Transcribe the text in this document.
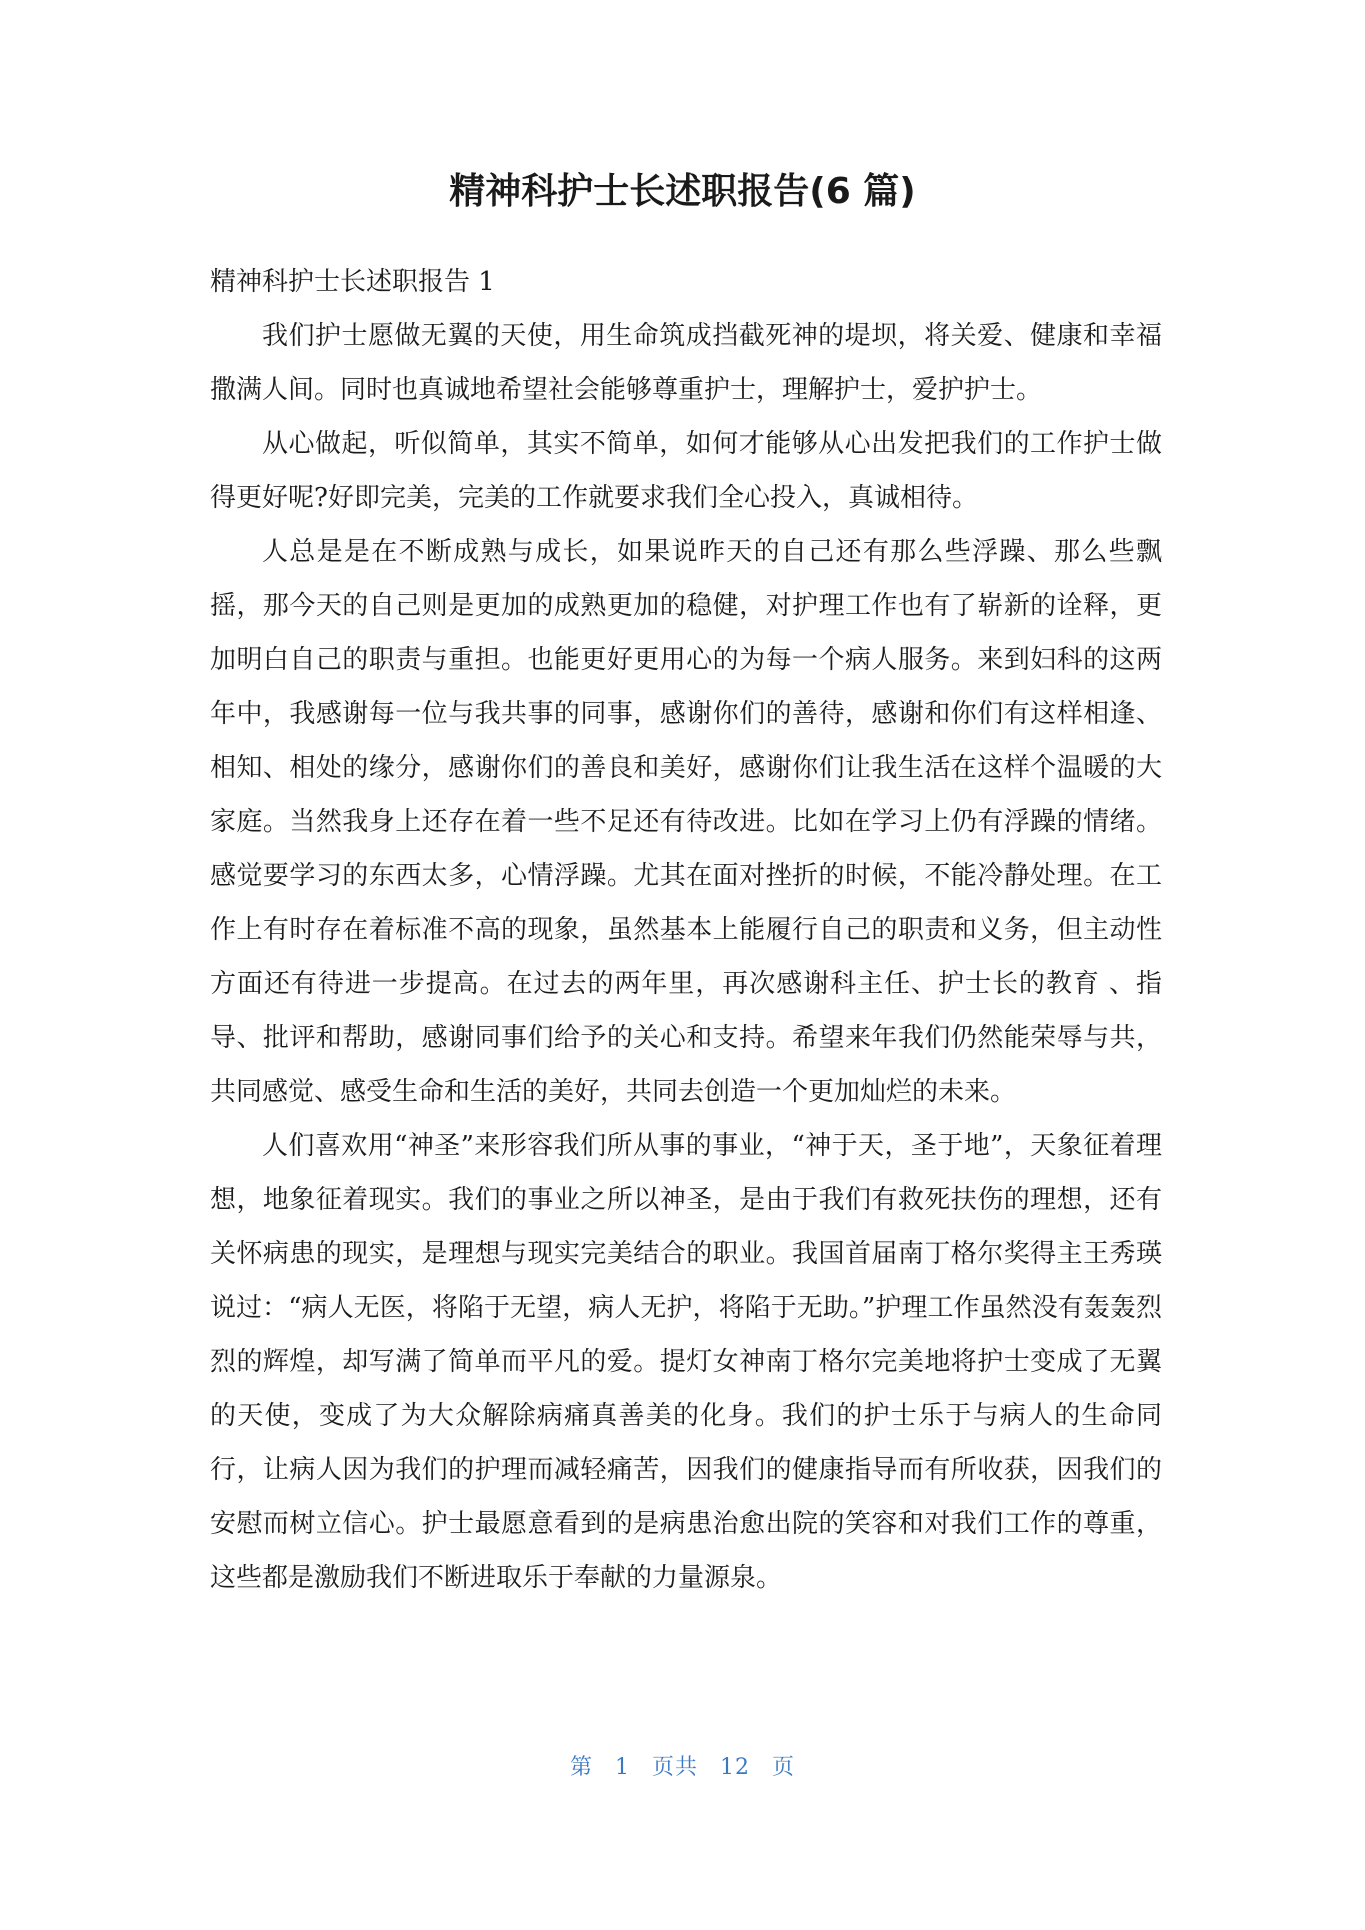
精神科护士长述职报告(6 篇)

精神科护士长述职报告 1

我们护士愿做无翼的天使，用生命筑成挡截死神的堤坝，将关爱、健康和幸福撒满人间。同时也真诚地希望社会能够尊重护士，理解护士，爱护护士。

从心做起，听似简单，其实不简单，如何才能够从心出发把我们的工作护士做得更好呢?好即完美，完美的工作就要求我们全心投入，真诚相待。

人总是是在不断成熟与成长，如果说昨天的自己还有那么些浮躁、那么些飘摇，那今天的自己则是更加的成熟更加的稳健，对护理工作也有了崭新的诠释，更加明白自己的职责与重担。也能更好更用心的为每一个病人服务。来到妇科的这两年中，我感谢每一位与我共事的同事，感谢你们的善待，感谢和你们有这样相逢、相知、相处的缘分，感谢你们的善良和美好，感谢你们让我生活在这样个温暖的大家庭。当然我身上还存在着一些不足还有待改进。比如在学习上仍有浮躁的情绪。感觉要学习的东西太多，心情浮躁。尤其在面对挫折的时候，不能冷静处理。在工作上有时存在着标准不高的现象，虽然基本上能履行自己的职责和义务，但主动性方面还有待进一步提高。在过去的两年里，再次感谢科主任、护士长的教育 、指导、批评和帮助，感谢同事们给予的关心和支持。希望来年我们仍然能荣辱与共，共同感觉、感受生命和生活的美好，共同去创造一个更加灿烂的未来。

人们喜欢用“神圣”来形容我们所从事的事业，“神于天，圣于地”，天象征着理想，地象征着现实。我们的事业之所以神圣，是由于我们有救死扶伤的理想，还有关怀病患的现实，是理想与现实完美结合的职业。我国首届南丁格尔奖得主王秀瑛说过：“病人无医，将陷于无望，病人无护，将陷于无助。”护理工作虽然没有轰轰烈烈的辉煌，却写满了简单而平凡的爱。提灯女神南丁格尔完美地将护士变成了无翼的天使，变成了为大众解除病痛真善美的化身。我们的护士乐于与病人的生命同行，让病人因为我们的护理而减轻痛苦，因我们的健康指导而有所收获，因我们的安慰而树立信心。护士最愿意看到的是病患治愈出院的笑容和对我们工作的尊重，这些都是激励我们不断进取乐于奉献的力量源泉。

第 1 页共 12 页
